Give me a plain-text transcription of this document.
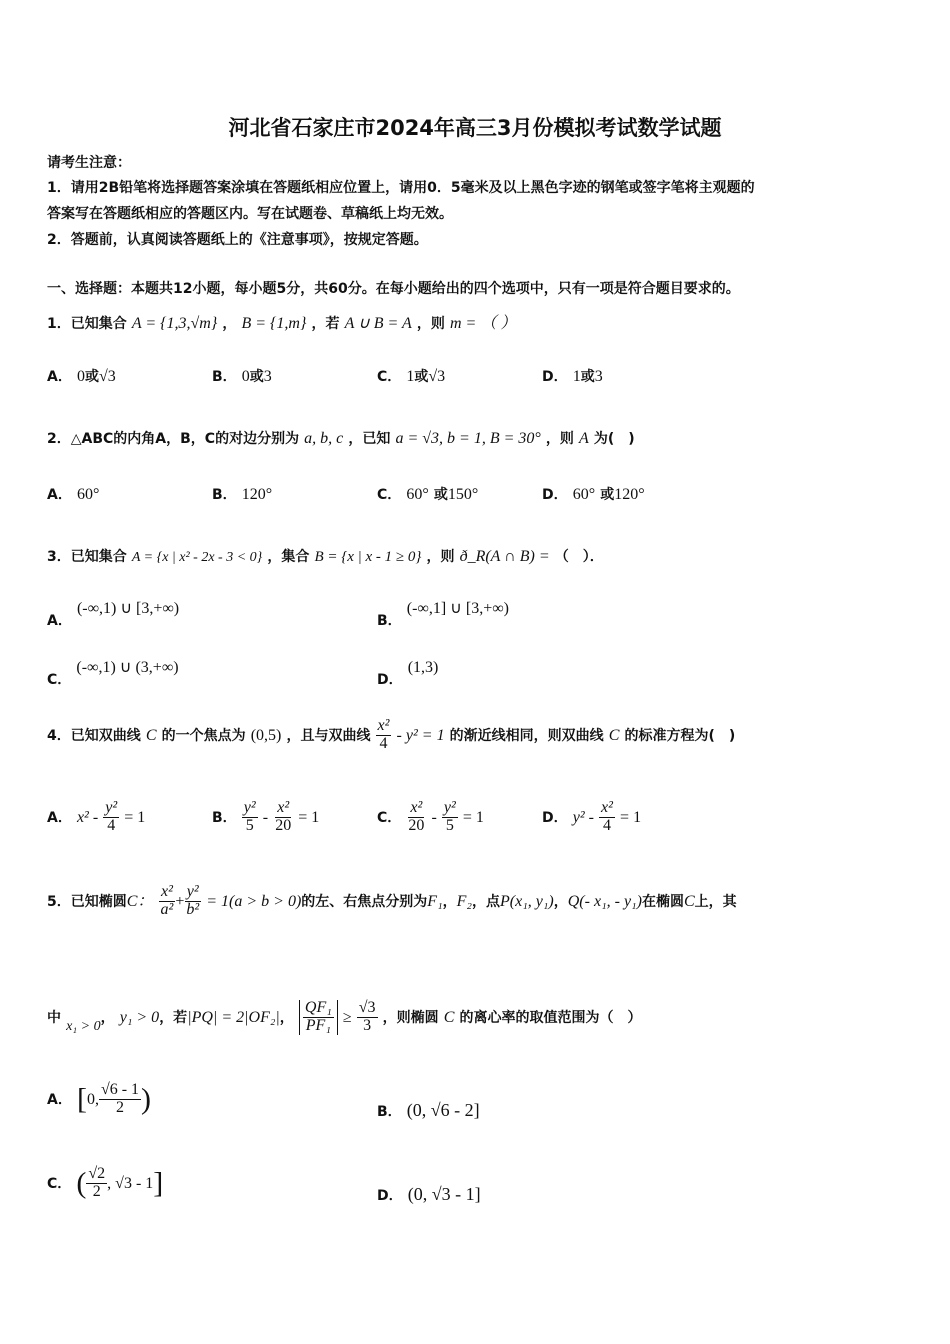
河北省石家庄市2024年高三3月份模拟考试数学试题
请考生注意：
1．请用2B铅笔将选择题答案涂填在答题纸相应位置上，请用0．5毫米及以上黑色字迹的钢笔或签字笔将主观题的
答案写在答题纸相应的答题区内。写在试题卷、草稿纸上均无效。
2．答题前，认真阅读答题纸上的《注意事项》，按规定答题。
一、选择题：本题共12小题，每小题5分，共60分。在每小题给出的四个选项中，只有一项是符合题目要求的。
1．已知集合 A = {1,3,√m} ， B = {1,m} ，若 A ∪ B = A ，则 m = （ ）
A． 0或√3	B． 0或3	C． 1或√3	D． 1或3
2．△ABC的内角A，B，C的对边分别为 a, b, c ，已知 a = √3, b = 1, B = 30° ，则 A 为(　)
A． 60°	B． 120°	C． 60° 或150°	D． 60° 或120°
3．已知集合 A = {x | x² - 2x - 3 < 0} ，集合 B = {x | x - 1 ≥ 0} ，则 ð_R(A ∩ B) = （　）．
A． (-∞,1) ∪ [3,+∞)
B． (-∞,1] ∪ [3,+∞)
C． (-∞,1) ∪ (3,+∞)
D． (1,3)
4．已知双曲线 C 的一个焦点为 (0,5) ，且与双曲线 $\frac{\text{x²}}{4} - y^2 = 1$ 的渐近线相同，则双曲线 C 的标准方程为(　)
A． $x^2 - \frac{\text{y²}}{4} = 1$	B． $\frac{\text{y²}}{5} - \frac{\text{x²}}{20} = 1$	C． $\frac{\text{x²}}{20} - \frac{\text{y²}}{5} = 1$	D． $y^2 - \frac{\text{x²}}{4} = 1$
5．已知椭圆C： $\frac{\text{x²}}{\text{a²}} + \frac{\text{y²}}{\text{b²}} = 1(a > b > 0)$的左、右焦点分别为F₁，F₂，点P(x₁, y₁)，Q(- x₁, - y₁)在椭圆C上，其
中 x₁ > 0， y₁ > 0，若|PQ| = 2|OF₂|， $\frac{\text{QF₁}}{\text{PF₁}} \ge \frac{√3}{3}$ ，则椭圆 C 的离心率的取值范围为（　）
A． [0, $\frac{√6 - 1}{2}$ )	B． (0, √6 - 2]
C． ( $\frac{√2}{2}$ , √3 - 1]	D． (0, √3 - 1]
